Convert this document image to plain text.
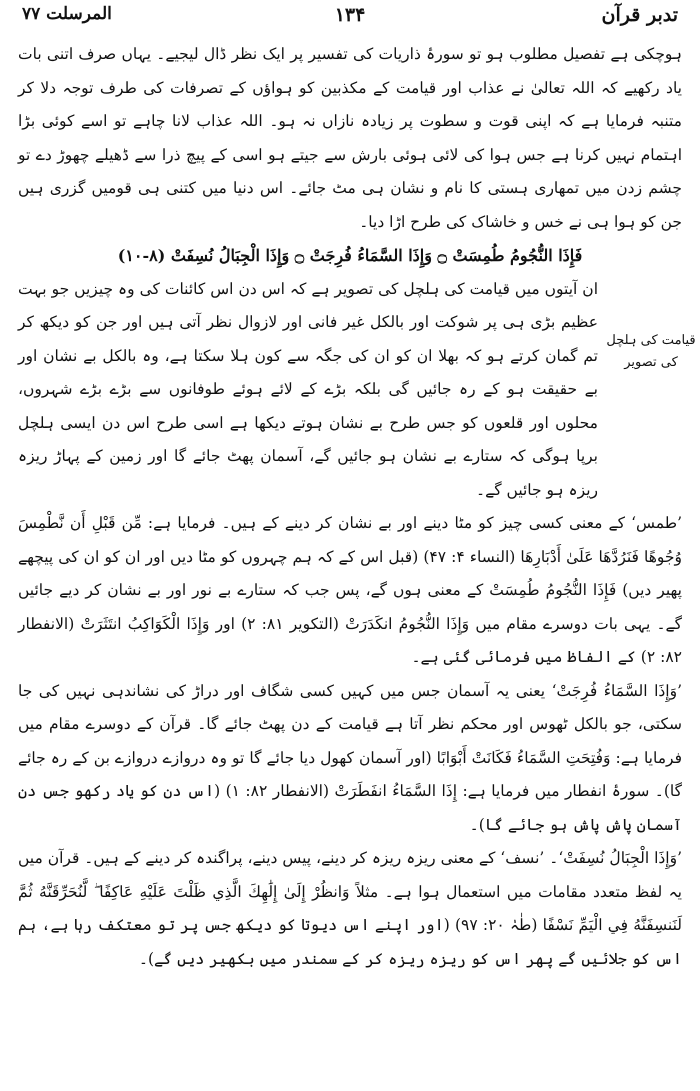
تدبر قرآن
۱۳۴
المرسلت ۷۷
قیامت کی ہلچل کی تصویر

ہوچکی ہے تفصیل مطلوب ہو تو سورۂ ذاریات کی تفسیر پر ایک نظر ڈال لیجیے۔ یہاں صرف اتنی بات یاد رکھیے کہ اللہ تعالیٰ نے عذاب اور قیامت کے مکذبین کو ہواؤں کے تصرفات کی طرف توجہ دلا کر متنبہ فرمایا ہے کہ اپنی قوت و سطوت پر زیادہ نازاں نہ ہو۔ اللہ عذاب لانا چاہے تو اسے کوئی بڑا اہتمام نہیں کرنا ہے جس ہوا کی لائی ہوئی بارش سے جیتے ہو اسی کے پیچ ذرا سے ڈھیلے چھوڑ دے تو چشم زدن میں تمھاری ہستی کا نام و نشان ہی مٹ جائے۔ اس دنیا میں کتنی ہی قومیں گزری ہیں جن کو ہوا ہی نے خس و خاشاک کی طرح اڑا دیا۔

فَإِذَا النُّجُومُ طُمِسَتْ ۝ وَإِذَا السَّمَاءُ فُرِجَتْ ۝ وَإِذَا الْجِبَالُ نُسِفَتْ (۸-۱۰)

ان آیتوں میں قیامت کی ہلچل کی تصویر ہے کہ اس دن اس کائنات کی وہ چیزیں جو بہت عظیم بڑی ہی پر شوکت اور بالکل غیر فانی اور لازوال نظر آتی ہیں اور جن کو دیکھ کر تم گمان کرتے ہو کہ بھلا ان کو ان کی جگہ سے کون ہلا سکتا ہے، وہ بالکل بے نشان اور بے حقیقت ہو کے رہ جائیں گی بلکہ بڑے کے لائے ہوئے طوفانوں سے بڑے بڑے شہروں، محلوں اور قلعوں کو جس طرح بے نشان ہوتے دیکھا ہے اسی طرح اس دن ایسی ہلچل برپا ہوگی کہ ستارے بے نشان ہو جائیں گے، آسمان پھٹ جائے گا اور زمین کے پہاڑ ریزہ ریزہ ہو جائیں گے۔

’طمس‘ کے معنی کسی چیز کو مٹا دینے اور بے نشان کر دینے کے ہیں۔ فرمایا ہے: مِّن قَبْلِ أَن نَّطْمِسَ وُجُوهًا فَنَرُدَّهَا عَلَىٰ أَدْبَارِهَا (النساء ۴: ۴۷) (قبل اس کے کہ ہم چہروں کو مٹا دیں اور ان کو ان کی پیچھے پھیر دیں) فَإِذَا النُّجُومُ طُمِسَتْ کے معنی ہوں گے، پس جب کہ ستارے بے نور اور بے نشان کر دیے جائیں گے۔ یہی بات دوسرے مقام میں وَإِذَا النُّجُومُ انكَدَرَتْ (التکویر ۸۱: ۲) اور وَإِذَا الْكَوَاكِبُ انتَثَرَتْ (الانفطار ۸۲: ۲) کے الفاظ میں فرمائی گئی ہے۔

’وَإِذَا السَّمَاءُ فُرِجَتْ‘ یعنی یہ آسمان جس میں کہیں کسی شگاف اور دراڑ کی نشاندہی نہیں کی جا سکتی، جو بالکل ٹھوس اور محکم نظر آتا ہے قیامت کے دن پھٹ جائے گا۔ قرآن کے دوسرے مقام میں فرمایا ہے: وَفُتِحَتِ السَّمَاءُ فَكَانَتْ أَبْوَابًا (اور آسمان کھول دیا جائے گا تو وہ دروازے دروازے بن کے رہ جائے گا)۔ سورۂ انفطار میں فرمایا ہے: إِذَا السَّمَاءُ انفَطَرَتْ (الانفطار ۸۲: ۱) (اس دن کو یاد رکھو جس دن آسمان پاش پاش ہو جائے گا)۔

’وَإِذَا الْجِبَالُ نُسِفَتْ‘۔ ’نسف‘ کے معنی ریزہ ریزہ کر دینے، پیس دینے، پراگندہ کر دینے کے ہیں۔ قرآن میں یہ لفظ متعدد مقامات میں استعمال ہوا ہے۔ مثلاً وَانظُرْ إِلَىٰ إِلَٰهِكَ الَّذِي ظَلْتَ عَلَيْهِ عَاكِفًا ۖ لَّنُحَرِّقَنَّهُ ثُمَّ لَنَنسِفَنَّهُ فِي الْيَمِّ نَسْفًا (طٰہٰ ۲۰: ۹۷) (اور اپنے اس دیوتا کو دیکھ جس پر تو معتکف رہا ہے، ہم اس کو جلائیں گے پھر اس کو ریزہ ریزہ کر کے سمندر میں بکھیر دیں گے)۔
